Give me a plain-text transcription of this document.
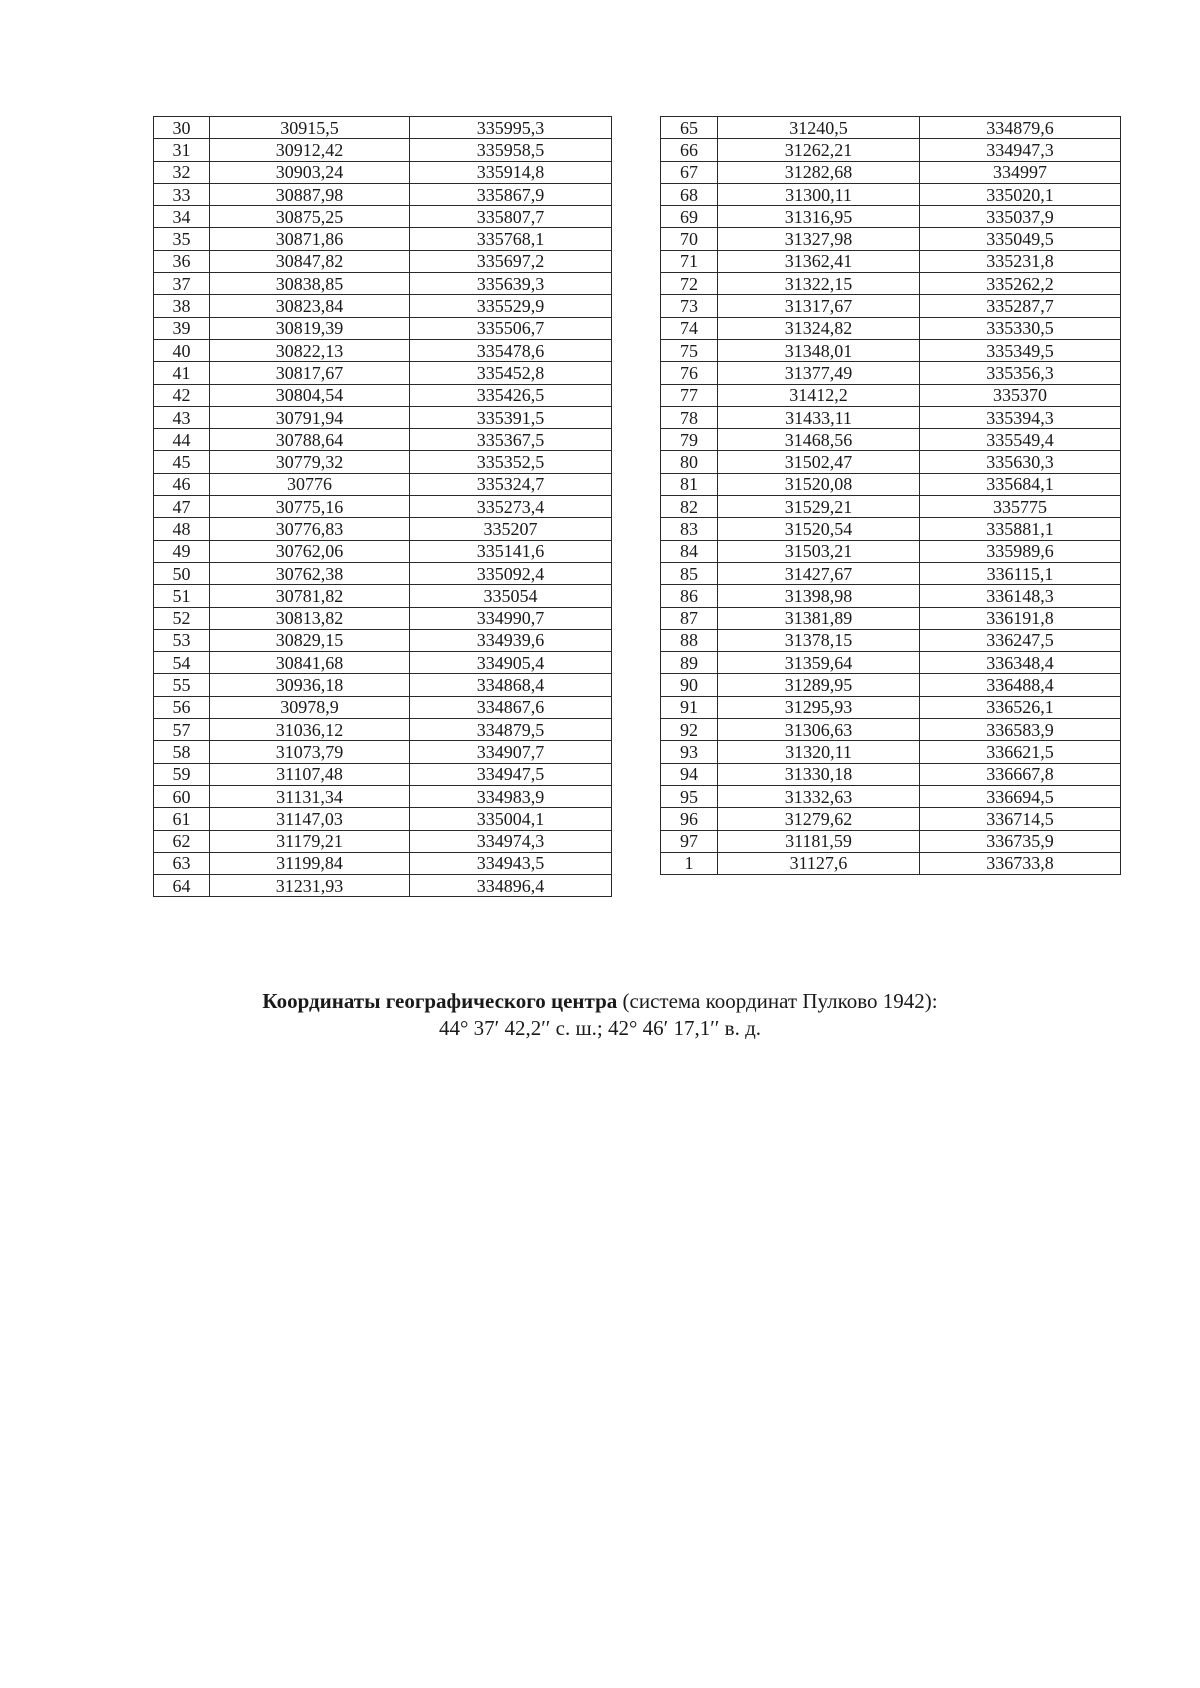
30	30915,5	335995,3
31	30912,42	335958,5
32	30903,24	335914,8
33	30887,98	335867,9
34	30875,25	335807,7
35	30871,86	335768,1
36	30847,82	335697,2
37	30838,85	335639,3
38	30823,84	335529,9
39	30819,39	335506,7
40	30822,13	335478,6
41	30817,67	335452,8
42	30804,54	335426,5
43	30791,94	335391,5
44	30788,64	335367,5
45	30779,32	335352,5
46	30776	335324,7
47	30775,16	335273,4
48	30776,83	335207
49	30762,06	335141,6
50	30762,38	335092,4
51	30781,82	335054
52	30813,82	334990,7
53	30829,15	334939,6
54	30841,68	334905,4
55	30936,18	334868,4
56	30978,9	334867,6
57	31036,12	334879,5
58	31073,79	334907,7
59	31107,48	334947,5
60	31131,34	334983,9
61	31147,03	335004,1
62	31179,21	334974,3
63	31199,84	334943,5
64	31231,93	334896,4
65	31240,5	334879,6
66	31262,21	334947,3
67	31282,68	334997
68	31300,11	335020,1
69	31316,95	335037,9
70	31327,98	335049,5
71	31362,41	335231,8
72	31322,15	335262,2
73	31317,67	335287,7
74	31324,82	335330,5
75	31348,01	335349,5
76	31377,49	335356,3
77	31412,2	335370
78	31433,11	335394,3
79	31468,56	335549,4
80	31502,47	335630,3
81	31520,08	335684,1
82	31529,21	335775
83	31520,54	335881,1
84	31503,21	335989,6
85	31427,67	336115,1
86	31398,98	336148,3
87	31381,89	336191,8
88	31378,15	336247,5
89	31359,64	336348,4
90	31289,95	336488,4
91	31295,93	336526,1
92	31306,63	336583,9
93	31320,11	336621,5
94	31330,18	336667,8
95	31332,63	336694,5
96	31279,62	336714,5
97	31181,59	336735,9
1	31127,6	336733,8
Координаты географического центра (система координат Пулково 1942):
44° 37′ 42,2′′ с. ш.; 42° 46′ 17,1′′ в. д.
